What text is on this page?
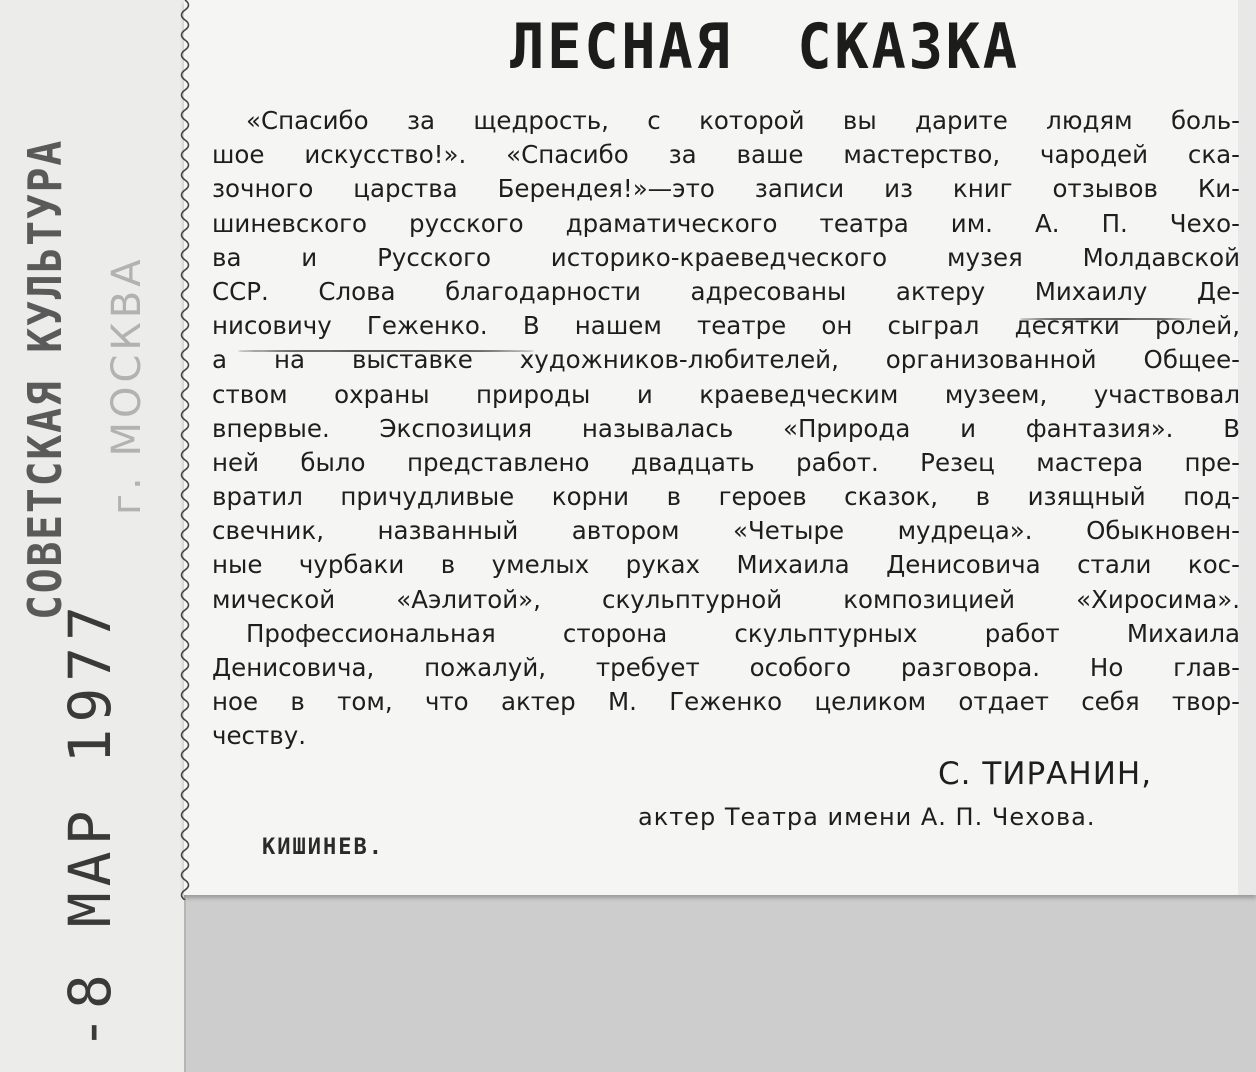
СОВЕТСКАЯ КУЛЬТУРА г. МОСКВА
-8 МАР 1977
ЛЕСНАЯ СКАЗКА
«Спасибо за щедрость, с которой вы дарите людям боль-
шое искусство!». «Спасибо за ваше мастерство, чародей ска-
зочного царства Берендея!»—это записи из книг отзывов Ки-
шиневского русского драматического театра им. А. П. Чехо-
ва и Русского историко-краеведческого музея Молдавской
ССР. Слова благодарности адресованы актеру Михаилу Де-
нисовичу Геженко. В нашем театре он сыграл десятки ролей,
а на выставке художников-любителей, организованной Общее-
ством охраны природы и краеведческим музеем, участвовал
впервые. Экспозиция называлась «Природа и фантазия». В
ней было представлено двадцать работ. Резец мастера пре-
вратил причудливые корни в героев сказок, в изящный под-
свечник, названный автором «Четыре мудреца». Обыкновен-
ные чурбаки в умелых руках Михаила Денисовича стали кос-
мической «Аэлитой», скульптурной композицией «Хиросима».
Профессиональная сторона скульптурных работ Михаила
Денисовича, пожалуй, требует особого разговора. Но глав-
ное в том, что актер М. Геженко целиком отдает себя твор-
честву.
С. ТИРАНИН,
актер Театра имени А. П. Чехова.
КИШИНЕВ.
